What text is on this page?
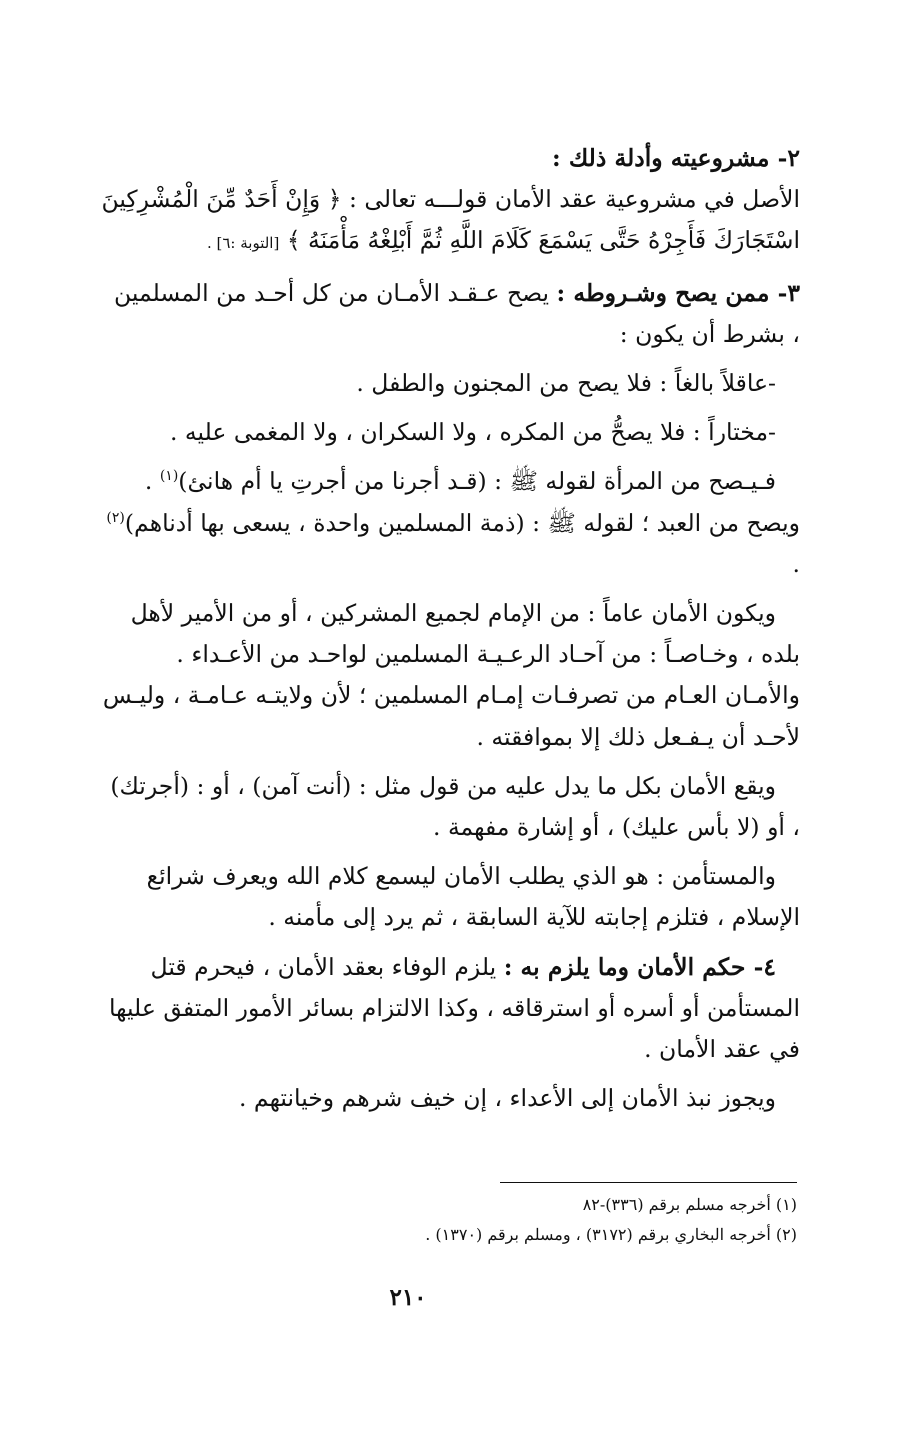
٢- مشروعيته وأدلة ذلك :
الأصل في مشروعية عقد الأمان قولـــه تعالى : ﴿ وَإِنْ أَحَدٌ مِّنَ الْمُشْرِكِينَ اسْتَجَارَكَ فَأَجِرْهُ حَتَّى يَسْمَعَ كَلَامَ اللَّهِ ثُمَّ أَبْلِغْهُ مَأْمَنَهُ ﴾ [التوبة :٦] .

٣- ممن يصح وشـروطه : يصح عـقـد الأمـان من كل أحـد من المسلمين ، بشرط أن يكون :

-عاقلاً بالغاً : فلا يصح من المجنون والطفل .

-مختاراً : فلا يصحُّ من المكره ، ولا السكران ، ولا المغمى عليه .

فـيـصح من المرأة لقوله ﷺ : (قـد أجرنا من أجرتِ يا أم هانئ)$^{(١)}$ . ويصح من العبد ؛ لقوله ﷺ : (ذمة المسلمين واحدة ، يسعى بها أدناهم)$^{(٢)}$ .

ويكون الأمان عاماً : من الإمام لجميع المشركين ، أو من الأمير لأهل بلده ، وخـاصـاً : من آحـاد الرعـيـة المسلمين لواحـد من الأعـداء . والأمـان العـام من تصرفـات إمـام المسلمين ؛ لأن ولايتـه عـامـة ، وليـس لأحـد أن يـفـعل ذلك إلا بموافقته .

ويقع الأمان بكل ما يدل عليه من قول مثل : (أنت آمن) ، أو : (أجرتك) ، أو (لا بأس عليك) ، أو إشارة مفهمة .

والمستأمن : هو الذي يطلب الأمان ليسمع كلام الله ويعرف شرائع الإسلام ، فتلزم إجابته للآية السابقة ، ثم يرد إلى مأمنه .

٤- حكم الأمان وما يلزم به : يلزم الوفاء بعقد الأمان ، فيحرم قتل المستأمن أو أسره أو استرقاقه ، وكذا الالتزام بسائر الأمور المتفق عليها في عقد الأمان .

ويجوز نبذ الأمان إلى الأعداء ، إن خيف شرهم وخيانتهم .

(١) أخرجه مسلم برقم (٣٣٦)-٨٢

(٢) أخرجه البخاري برقم (٣١٧٢) ، ومسلم برقم (١٣٧٠) .

٢١٠
